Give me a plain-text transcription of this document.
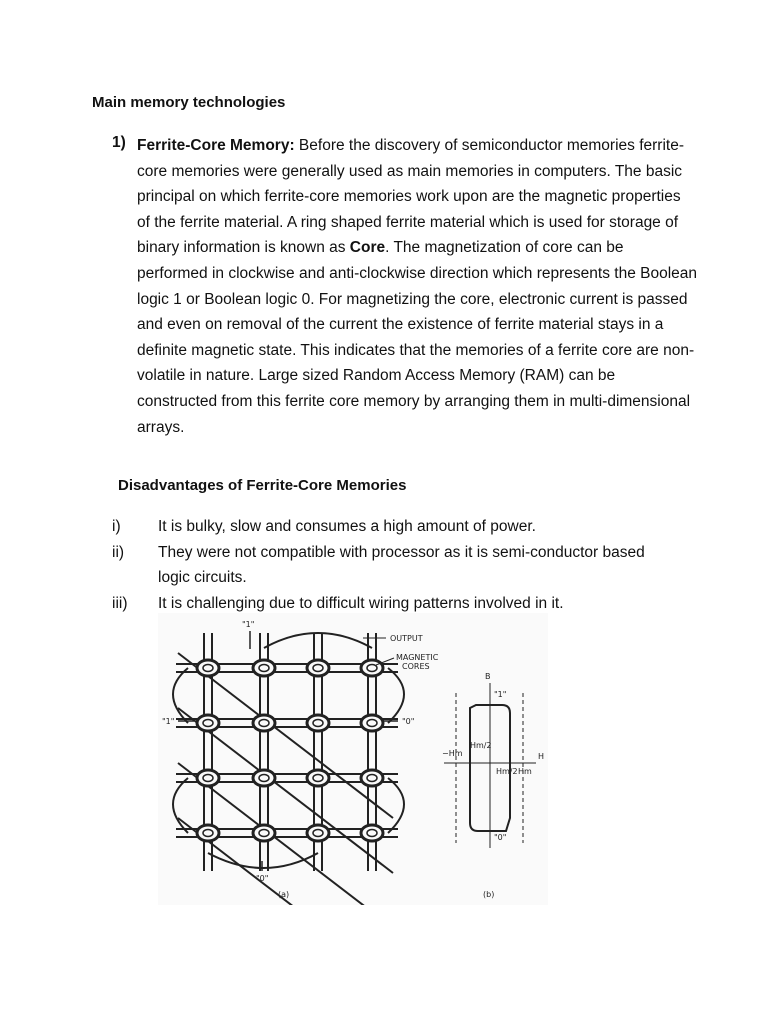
Main memory technologies
1) Ferrite-Core Memory: Before the discovery of semiconductor memories ferrite-core memories were generally used as main memories in computers. The basic principal on which ferrite-core memories work upon are the magnetic properties of the ferrite material. A ring shaped ferrite material which is used for storage of binary information is known as Core. The magnetization of core can be performed in clockwise and anti-clockwise direction which represents the Boolean logic 1 or Boolean logic 0. For magnetizing the core, electronic current is passed and even on removal of the current the existence of ferrite material stays in a definite magnetic state. This indicates that the memories of a ferrite core are non-volatile in nature. Large sized Random Access Memory (RAM) can be constructed from this ferrite core memory by arranging them in multi-dimensional arrays.
Disadvantages of Ferrite-Core Memories
i)	It is bulky, slow and consumes a high amount of power.
ii)	They were not compatible with processor as it is semi-conductor based logic circuits.
iii)	It is challenging due to difficult wiring patterns involved in it.
"1"
OUTPUT
MAGNETIC
CORES
"1"	"0"
"0"
(a)	(b)
B
H
"1"
"0"
−Hm
Hm
Hm/2
Hm/2
